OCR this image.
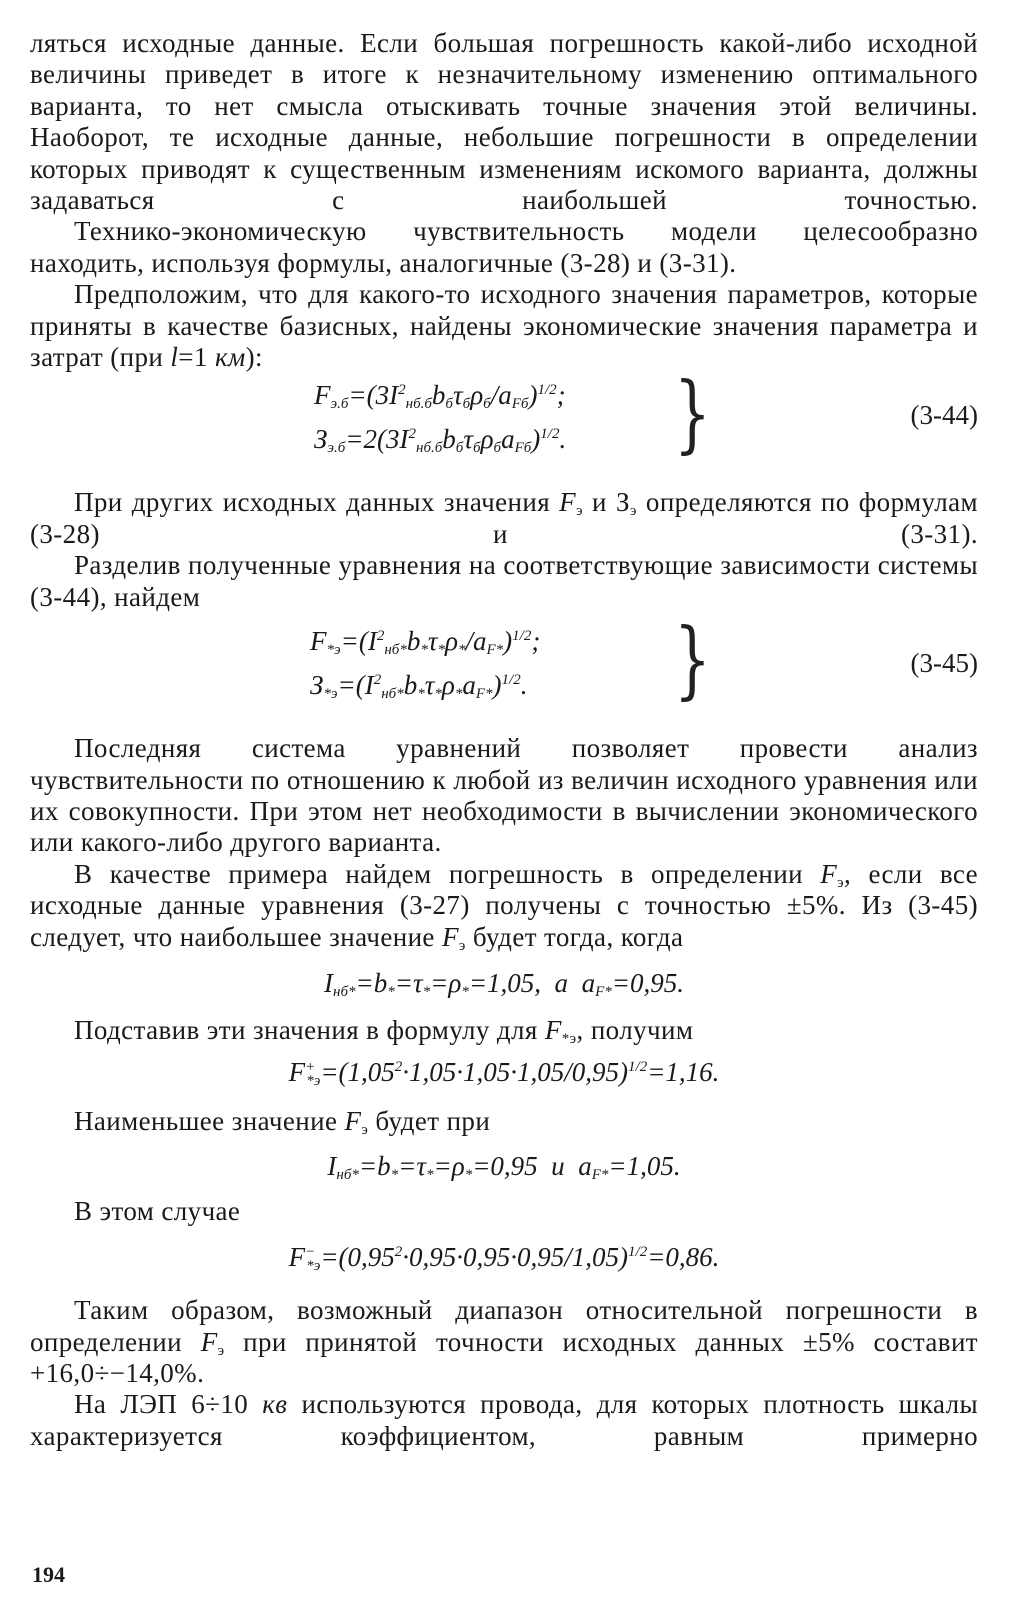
ляться исходные данные. Если большая погрешность какой-либо исходной величины приведет в итоге к незначительному изменению оптимального варианта, то нет смысла отыскивать точные значения этой величины. Наоборот, те исходные данные, небольшие погрешности в определении которых приводят к существенным изменениям искомого варианта, должны задаваться с наибольшей точностью.

Технико-экономическую чувствительность модели целесообразно находить, используя формулы, аналогичные (3-28) и (3-31).

Предположим, что для какого-то исходного значения параметров, которые приняты в качестве базисных, найдены экономические значения параметра и затрат (при l=1 км):

$F_{э.б}=(3I^2_{нб.б}b_б\tau_б\rho_б/a_{Fб})^{1/2}$;
$З_{э.б}=2(3I^2_{нб.б}b_б\tau_б\rho_бa_{Fб})^{1/2}$. }	(3-44)

При других исходных данных значения $F_э$ и $З_э$ определяются по формулам (3-28) и (3-31).

Разделив полученные уравнения на соответствующие зависимости системы (3-44), найдем

$F_{*э}=(I^2_{нб*}b_*\tau_*\rho_*/a_{F*})^{1/2}$;
$З_{*э}=(I^2_{нб*}b_*\tau_*\rho_*a_{F*})^{1/2}$.	}	(3-45)

Последняя система уравнений позволяет провести анализ чувствительности по отношению к любой из величин исходного уравнения или их совокупности. При этом нет необходимости в вычислении экономического или какого-либо другого варианта.

В качестве примера найдем погрешность в определении $F_э$, если все исходные данные уравнения (3-27) получены с точностью ±5%. Из (3-45) следует, что наибольшее значение $F_э$ будет тогда, когда

$I_{нб*}=b_*=\tau_*=\rho_*=1,05$,  а  $a_{F*}=0,95$.

Подставив эти значения в формулу для $F_{*э}$, получим

$F^+_{*э}=(1,05^2\cdot 1,05\cdot 1,05\cdot 1,05/0,95)^{1/2}=1,16$.

Наименьшее значение $F_э$ будет при

$I_{нб*}=b_*=\tau_*=\rho_*=0,95$  и  $a_{F*}=1,05$.

В этом случае

$F^-_{*э}=(0,95^2\cdot 0,95\cdot 0,95\cdot 0,95/1,05)^{1/2}=0,86$.

Таким образом, возможный диапазон относительной погрешности в определении $F_э$ при принятой точности исходных данных ±5% составит +16,0÷−14,0%.

На ЛЭП 6÷10 кв используются провода, для которых плотность шкалы характеризуется коэффициентом, равным примерно

194
